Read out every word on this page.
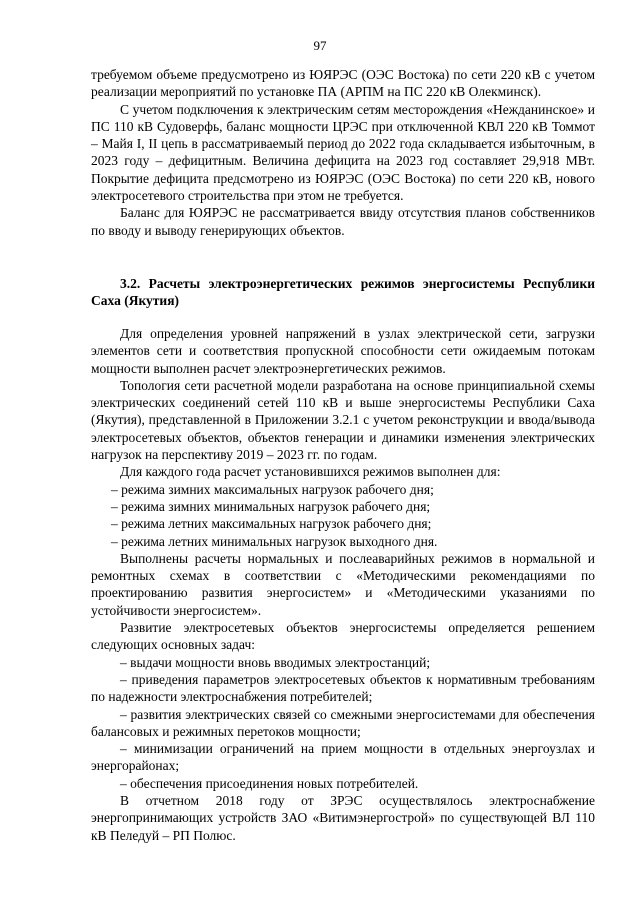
97

требуемом объеме предусмотрено из ЮЯРЭС (ОЭС Востока) по сети 220 кВ с учетом реализации мероприятий по установке ПА (АРПМ на ПС 220 кВ Олекминск).

С учетом подключения к электрическим сетям месторождения «Нежданинское» и ПС 110 кВ Судоверфь, баланс мощности ЦРЭС при отключенной КВЛ 220 кВ Томмот – Майя I, II цепь в рассматриваемый период до 2022 года складывается избыточным, в 2023 году – дефицитным. Величина дефицита на 2023 год составляет 29,918 МВт. Покрытие дефицита предсмотрено из ЮЯРЭС (ОЭС Востока) по сети 220 кВ, нового электросетевого строительства при этом не требуется.

Баланс для ЮЯРЭС не рассматривается ввиду отсутствия планов собственников по вводу и выводу генерирующих объектов.

3.2. Расчеты электроэнергетических режимов энергосистемы Республики Саха (Якутия)

Для определения уровней напряжений в узлах электрической сети, загрузки элементов сети и соответствия пропускной способности сети ожидаемым потокам мощности выполнен расчет электроэнергетических режимов.

Топология сети расчетной модели разработана на основе принципиальной схемы электрических соединений сетей 110 кВ и выше энергосистемы Республики Саха (Якутия), представленной в Приложении 3.2.1 с учетом реконструкции и ввода/вывода электросетевых объектов, объектов генерации и динамики изменения электрических нагрузок на перспективу 2019 – 2023 гг. по годам.

Для каждого года расчет установившихся режимов выполнен для:

– режима зимних максимальных нагрузок рабочего дня;

– режима зимних минимальных нагрузок рабочего дня;

– режима летних максимальных нагрузок рабочего дня;

– режима летних минимальных нагрузок выходного дня.

Выполнены расчеты нормальных и послеаварийных режимов в нормальной и ремонтных схемах в соответствии с «Методическими рекомендациями по проектированию развития энергосистем» и «Методическими указаниями по устойчивости энергосистем».

Развитие электросетевых объектов энергосистемы определяется решением следующих основных задач:

– выдачи мощности вновь вводимых электростанций;

– приведения параметров электросетевых объектов к нормативным требованиям по надежности электроснабжения потребителей;

– развития электрических связей со смежными энергосистемами для обеспечения балансовых и режимных перетоков мощности;

– минимизации ограничений на прием мощности в отдельных энергоузлах и энергорайонах;

– обеспечения присоединения новых потребителей.

В отчетном 2018 году от ЗРЭС осуществлялось электроснабжение энергопринимающих устройств ЗАО «Витимэнергострой» по существующей ВЛ 110 кВ Пеледуй – РП Полюс.
